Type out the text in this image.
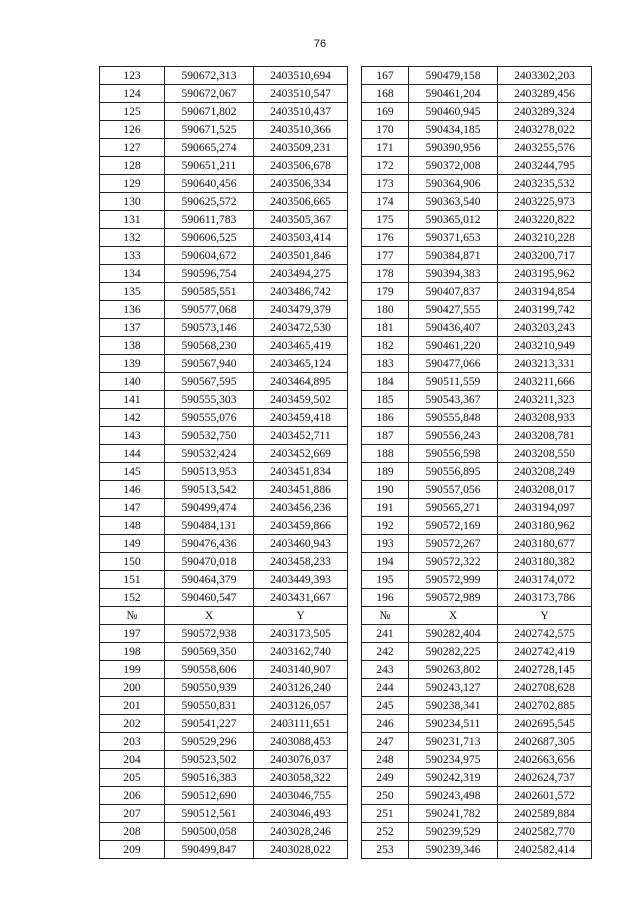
76
123	590672,313	2403510,694
124	590672,067	2403510,547
125	590671,802	2403510,437
126	590671,525	2403510,366
127	590665,274	2403509,231
128	590651,211	2403506,678
129	590640,456	2403506,334
130	590625,572	2403506,665
131	590611,783	2403505,367
132	590606,525	2403503,414
133	590604,672	2403501,846
134	590596,754	2403494,275
135	590585,551	2403486,742
136	590577,068	2403479,379
137	590573,146	2403472,530
138	590568,230	2403465,419
139	590567,940	2403465,124
140	590567,595	2403464,895
141	590555,303	2403459,502
142	590555,076	2403459,418
143	590532,750	2403452,711
144	590532,424	2403452,669
145	590513,953	2403451,834
146	590513,542	2403451,886
147	590499,474	2403456,236
148	590484,131	2403459,866
149	590476,436	2403460,943
150	590470,018	2403458,233
151	590464,379	2403449,393
152	590460,547	2403431,667
№	X	Y
197	590572,938	2403173,505
198	590569,350	2403162,740
199	590558,606	2403140,907
200	590550,939	2403126,240
201	590550,831	2403126,057
202	590541,227	2403111,651
203	590529,296	2403088,453
204	590523,502	2403076,037
205	590516,383	2403058,322
206	590512,690	2403046,755
207	590512,561	2403046,493
208	590500,058	2403028,246
209	590499,847	2403028,022
167	590479,158	2403302,203
168	590461,204	2403289,456
169	590460,945	2403289,324
170	590434,185	2403278,022
171	590390,956	2403255,576
172	590372,008	2403244,795
173	590364,906	2403235,532
174	590363,540	2403225,973
175	590365,012	2403220,822
176	590371,653	2403210,228
177	590384,871	2403200,717
178	590394,383	2403195,962
179	590407,837	2403194,854
180	590427,555	2403199,742
181	590436,407	2403203,243
182	590461,220	2403210,949
183	590477,066	2403213,331
184	590511,559	2403211,666
185	590543,367	2403211,323
186	590555,848	2403208,933
187	590556,243	2403208,781
188	590556,598	2403208,550
189	590556,895	2403208,249
190	590557,056	2403208,017
191	590565,271	2403194,097
192	590572,169	2403180,962
193	590572,267	2403180,677
194	590572,322	2403180,382
195	590572,999	2403174,072
196	590572,989	2403173,786
№	X	Y
241	590282,404	2402742,575
242	590282,225	2402742,419
243	590263,802	2402728,145
244	590243,127	2402708,628
245	590238,341	2402702,885
246	590234,511	2402695,545
247	590231,713	2402687,305
248	590234,975	2402663,656
249	590242,319	2402624,737
250	590243,498	2402601,572
251	590241,782	2402589,884
252	590239,529	2402582,770
253	590239,346	2402582,414
